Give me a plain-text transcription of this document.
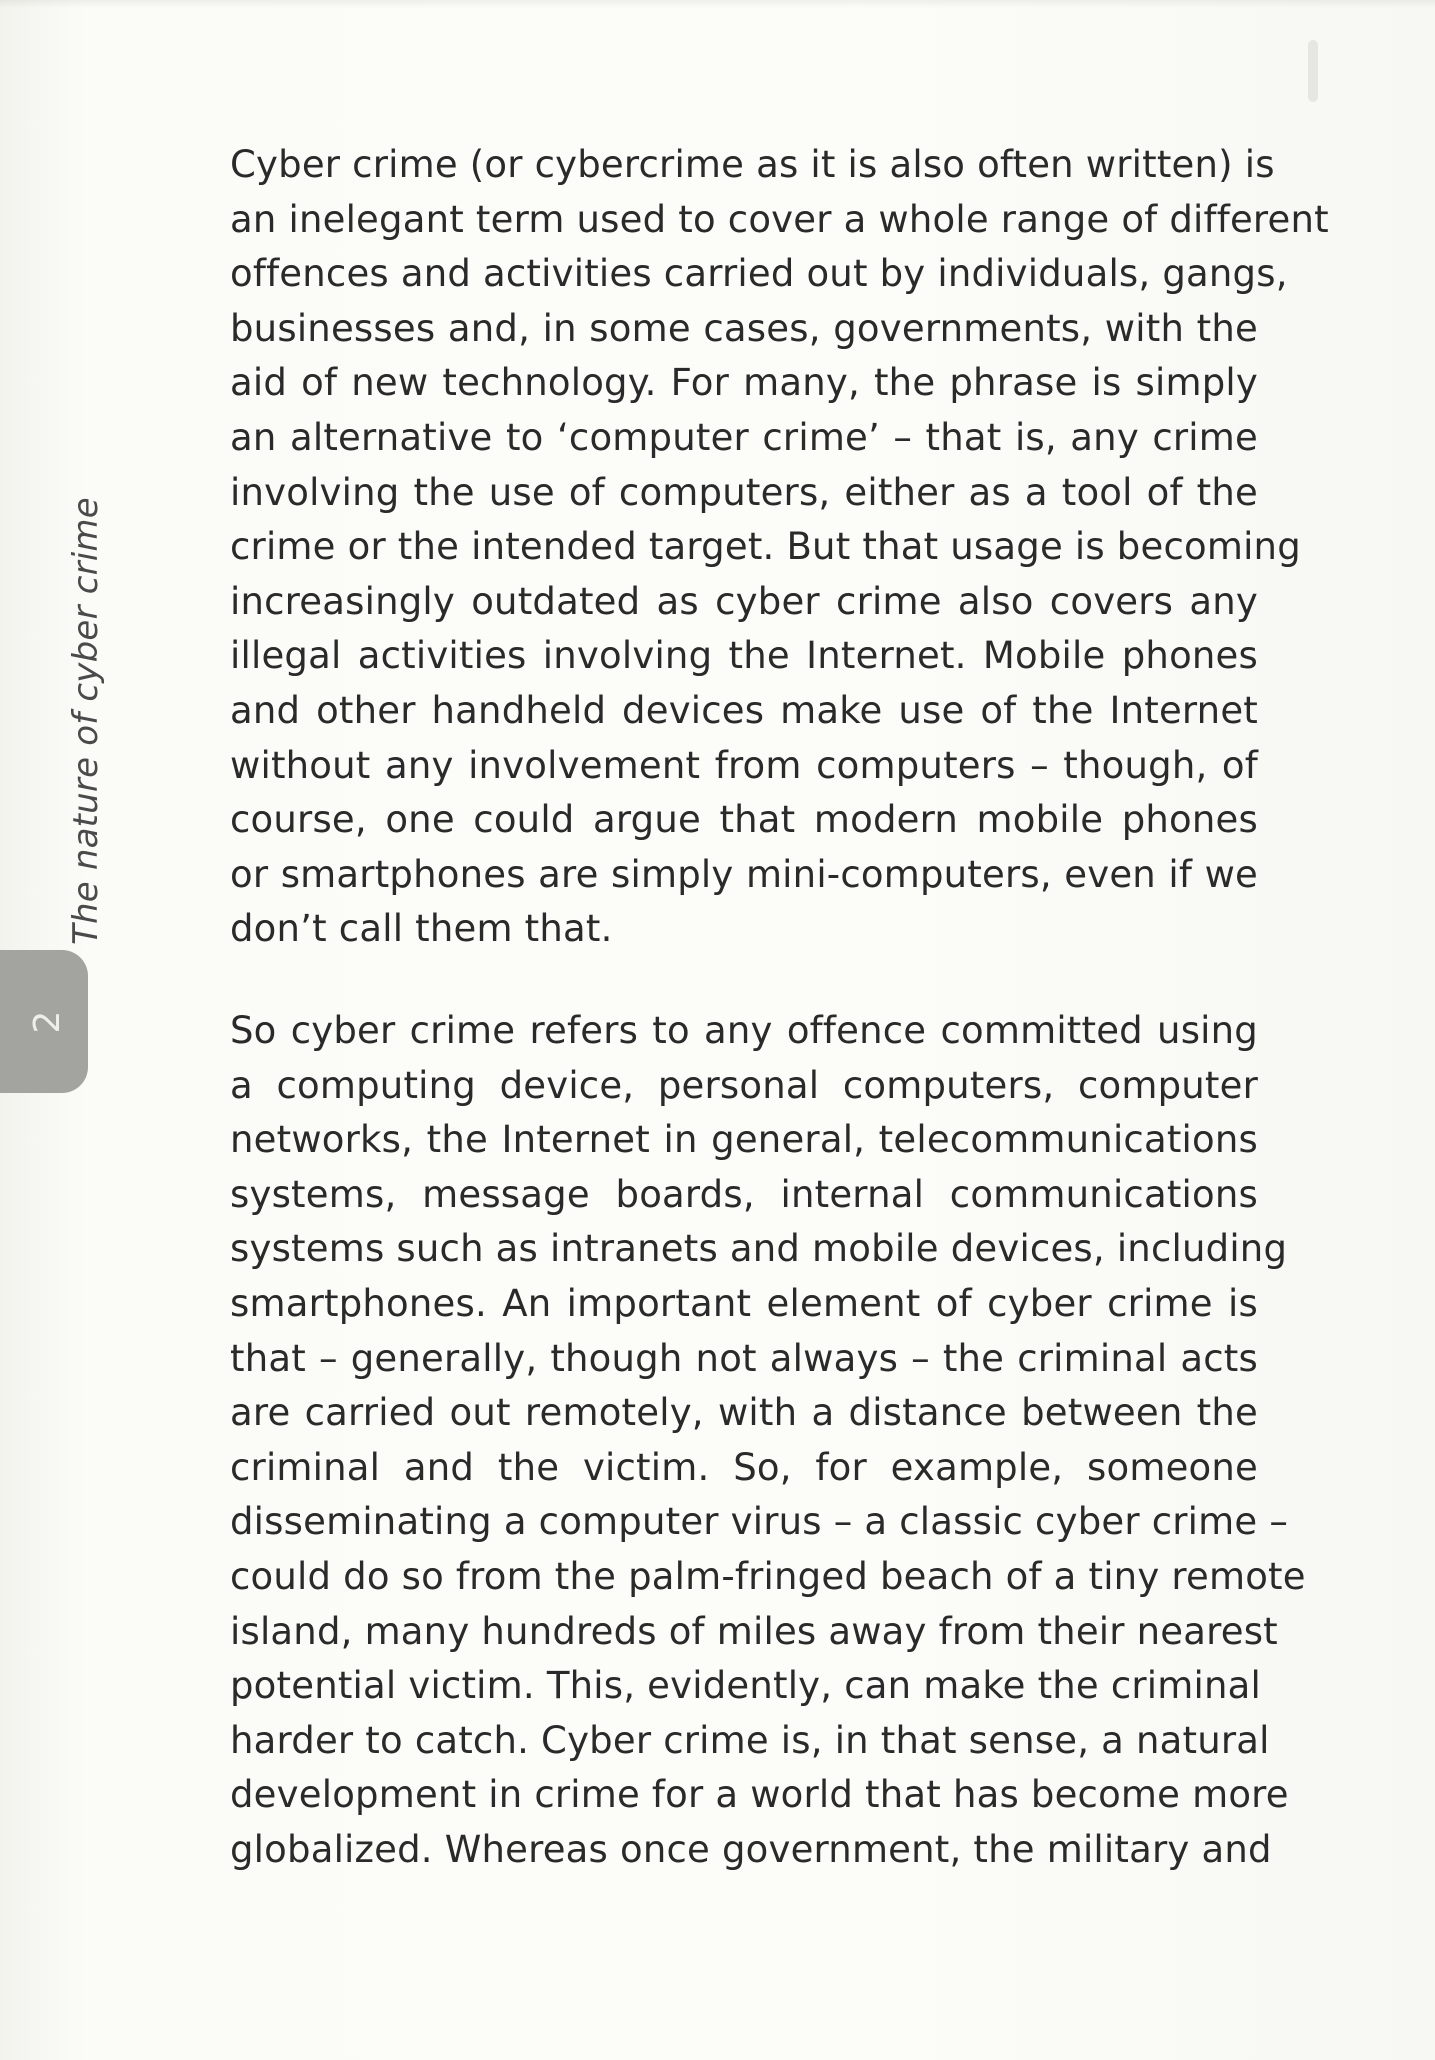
The nature of cyber crime
2
Cyber crime (or cybercrime as it is also often written) is
an inelegant term used to cover a whole range of different
offences and activities carried out by individuals, gangs,
businesses and, in some cases, governments, with the
aid of new technology. For many, the phrase is simply
an alternative to ‘computer crime’ – that is, any crime
involving the use of computers, either as a tool of the
crime or the intended target. But that usage is becoming
increasingly outdated as cyber crime also covers any
illegal activities involving the Internet. Mobile phones
and other handheld devices make use of the Internet
without any involvement from computers – though, of
course, one could argue that modern mobile phones
or smartphones are simply mini-computers, even if we
don’t call them that.
So cyber crime refers to any offence committed using
a computing device, personal computers, computer
networks, the Internet in general, telecommunications
systems, message boards, internal communications
systems such as intranets and mobile devices, including
smartphones. An important element of cyber crime is
that – generally, though not always – the criminal acts
are carried out remotely, with a distance between the
criminal and the victim. So, for example, someone
disseminating a computer virus – a classic cyber crime –
could do so from the palm-fringed beach of a tiny remote
island, many hundreds of miles away from their nearest
potential victim. This, evidently, can make the criminal
harder to catch. Cyber crime is, in that sense, a natural
development in crime for a world that has become more
globalized. Whereas once government, the military and
